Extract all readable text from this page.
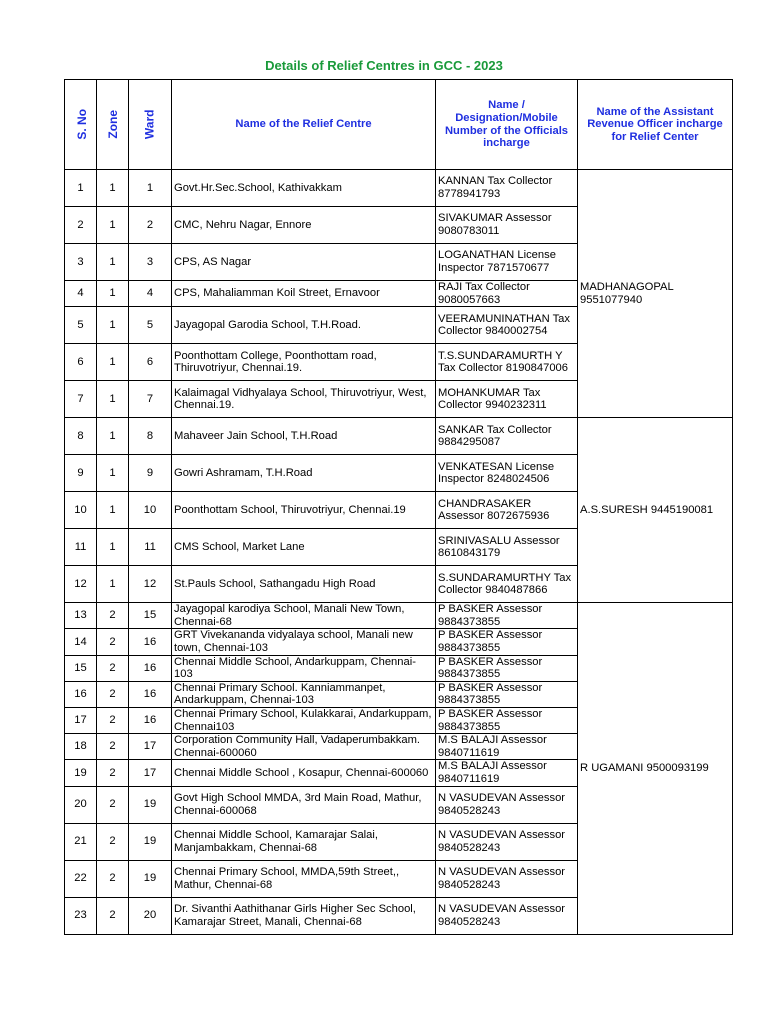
Details of Relief Centres in GCC - 2023
S. No	Zone	Ward	Name of the Relief Centre	Name / Designation/Mobile Number of the Officials incharge	Name of the Assistant Revenue Officer incharge for Relief Center
1	1	1	Govt.Hr.Sec.School, Kathivakkam	KANNAN Tax Collector 8778941793	MADHANAGOPAL 9551077940
2	1	2	CMC, Nehru Nagar, Ennore	SIVAKUMAR Assessor 9080783011	
3	1	3	CPS, AS Nagar	LOGANATHAN License Inspector 7871570677	
4	1	4	CPS, Mahaliamman Koil Street, Ernavoor	RAJI Tax Collector 9080057663	
5	1	5	Jayagopal Garodia School, T.H.Road.	VEERAMUNINATHAN Tax Collector 9840002754	
6	1	6	Poonthottam College, Poonthottam road, Thiruvotriyur, Chennai.19.	T.S.SUNDARAMURTH Y Tax Collector 8190847006	
7	1	7	Kalaimagal Vidhyalaya School, Thiruvotriyur, West, Chennai.19.	MOHANKUMAR Tax Collector 9940232311	
8	1	8	Mahaveer Jain School, T.H.Road	SANKAR Tax Collector 9884295087	A.S.SURESH 9445190081
9	1	9	Gowri Ashramam, T.H.Road	VENKATESAN License Inspector 8248024506	
10	1	10	Poonthottam School, Thiruvotriyur, Chennai.19	CHANDRASAKER Assessor 8072675936	
11	1	11	CMS School, Market Lane	SRINIVASALU Assessor 8610843179	
12	1	12	St.Pauls School, Sathangadu High Road	S.SUNDARAMURTHY Tax Collector 9840487866	
13	2	15	Jayagopal karodiya School, Manali New Town, Chennai-68	P BASKER Assessor 9884373855	R UGAMANI 9500093199
14	2	16	GRT Vivekananda vidyalaya school, Manali new town, Chennai-103	P BASKER Assessor 9884373855	
15	2	16	Chennai Middle School, Andarkuppam, Chennai-103	P BASKER Assessor 9884373855	
16	2	16	Chennai Primary School. Kanniammanpet, Andarkuppam, Chennai-103	P BASKER Assessor 9884373855	
17	2	16	Chennai Primary School, Kulakkarai, Andarkuppam, Chennai103	P BASKER Assessor 9884373855	
18	2	17	Corporation Community Hall, Vadaperumbakkam. Chennai-600060	M.S BALAJI Assessor 9840711619	
19	2	17	Chennai Middle School , Kosapur, Chennai-600060	M.S BALAJI Assessor 9840711619	
20	2	19	Govt High School MMDA, 3rd Main Road, Mathur, Chennai-600068	N VASUDEVAN Assessor 9840528243	
21	2	19	Chennai Middle School, Kamarajar Salai, Manjambakkam, Chennai-68	N VASUDEVAN Assessor 9840528243	
22	2	19	Chennai Primary School, MMDA,59th Street,, Mathur, Chennai-68	N VASUDEVAN Assessor 9840528243	
23	2	20	Dr. Sivanthi Aathithanar Girls Higher Sec School, Kamarajar Street, Manali, Chennai-68	N VASUDEVAN Assessor 9840528243	
